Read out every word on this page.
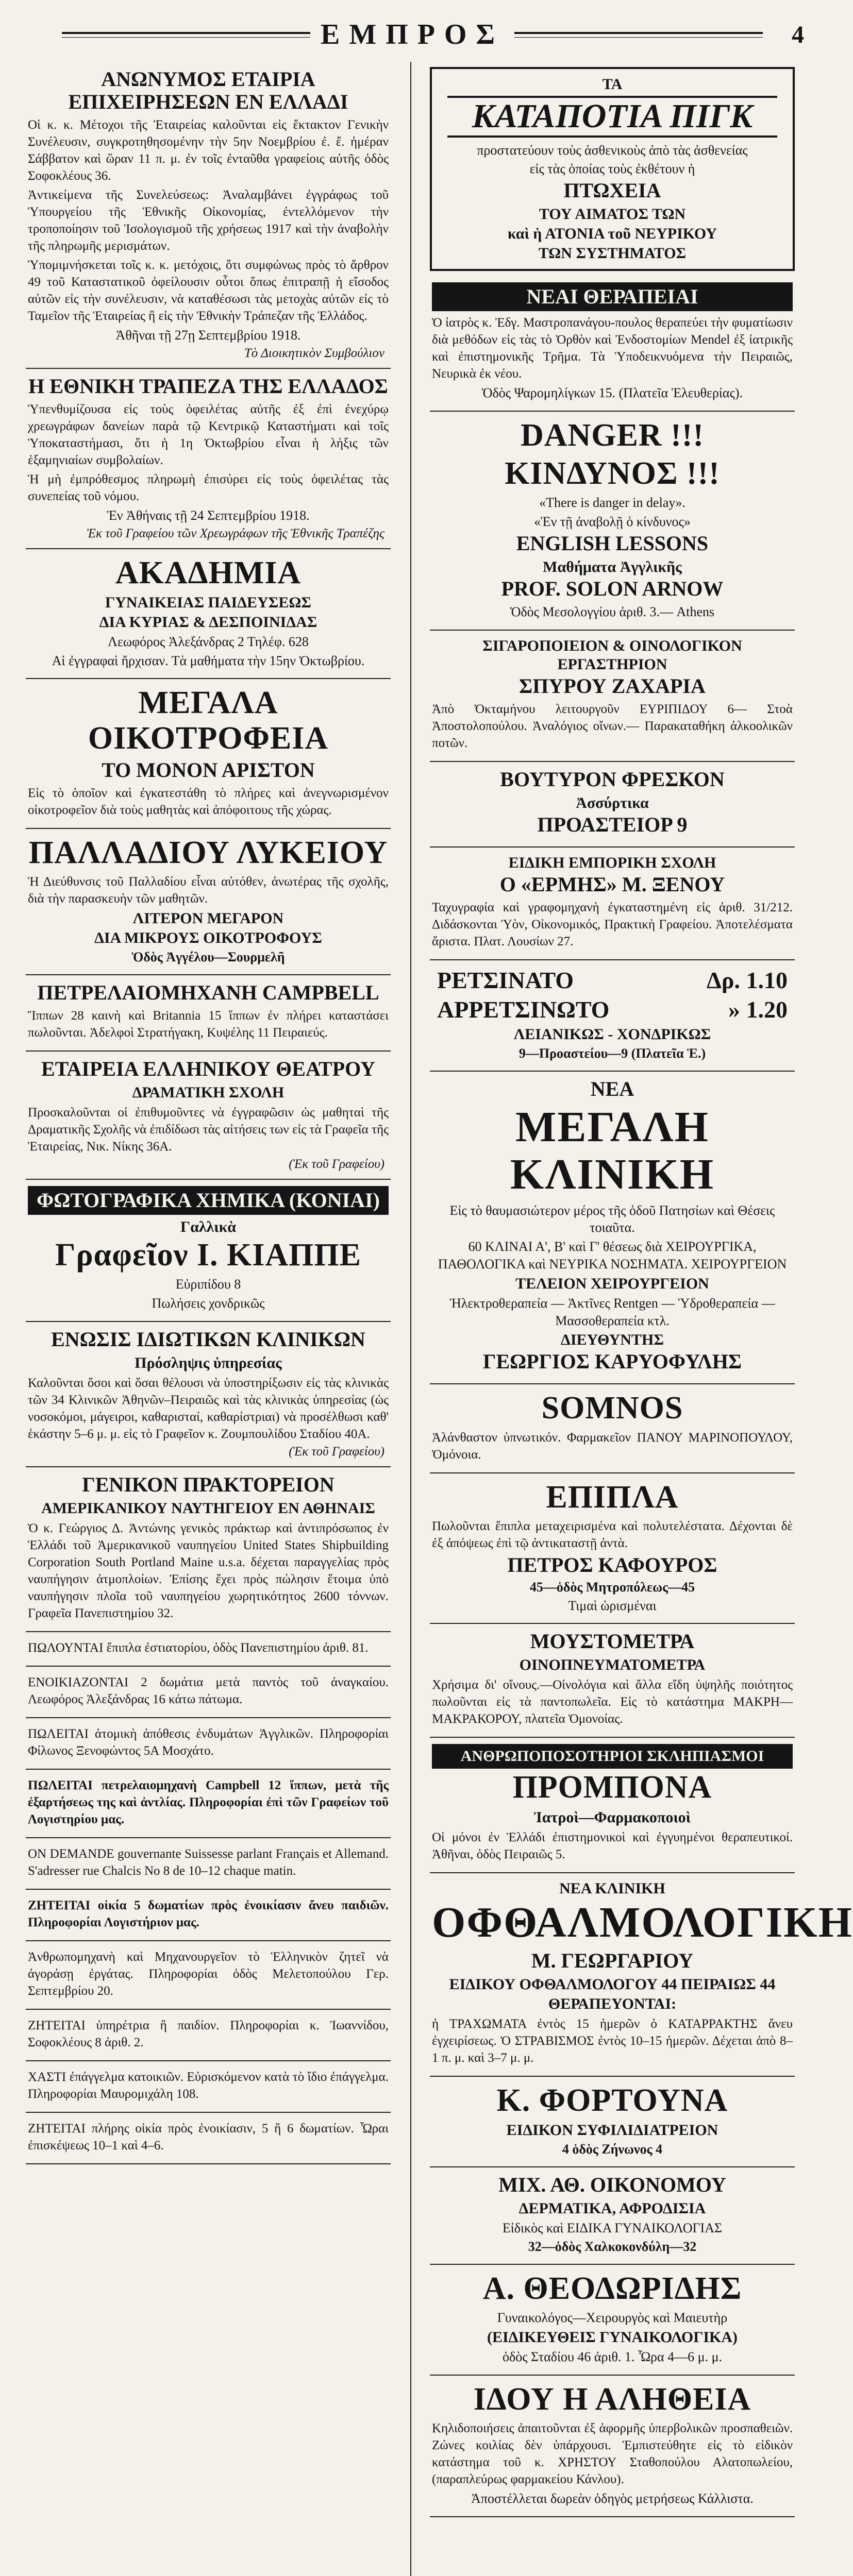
ΕΜΠΡΟΣ	4
ΑΝΩΝΥΜΟΣ ΕΤΑΙΡΙΑ ΕΠΙΧΕΙΡΗΣΕΩΝ ΕΝ ΕΛΛΑΔΙ

Οἱ κ. κ. Μέτοχοι τῆς Ἑταιρείας καλοῦνται εἰς ἔκτακτον Γενικὴν Συνέλευσιν, συγκροτηθησομένην τὴν 5ην Νοεμβρίου ἐ. ἔ. ἡμέραν Σάββατον καὶ ὥραν 11 π. μ. ἐν τοῖς ἐνταῦθα γραφείοις αὐτῆς ὁδὸς Σοφοκλέους 36.

Ἀντικείμενα τῆς Συνελεύσεως: Ἀναλαμβάνει ἐγγράφως τοῦ Ὑπουργείου τῆς Ἐθνικῆς Οἰκονομίας, ἐντελλόμενον τὴν τροποποίησιν τοῦ Ἰσολογισμοῦ τῆς χρήσεως 1917 καὶ τὴν ἀναβολὴν τῆς πληρωμῆς μερισμάτων.

Ὑπομιμνήσκεται τοῖς κ. κ. μετόχοις, ὅτι συμφώνως πρὸς τὸ ἄρθρον 49 τοῦ Καταστατικοῦ ὀφείλουσιν οὗτοι ὅπως ἐπιτραπῇ ἡ εἴσοδος αὐτῶν εἰς τὴν συνέλευσιν, νὰ καταθέσωσι τὰς μετοχὰς αὐτῶν εἰς τὸ Ταμεῖον τῆς Ἑταιρείας ἢ εἰς τὴν Ἐθνικὴν Τράπεζαν τῆς Ἑλλάδος.

Ἀθῆναι τῇ 27ῃ Σεπτεμβρίου 1918.

Τὸ Διοικητικὸν Συμβούλιον

Η ΕΘΝΙΚΗ ΤΡΑΠΕΖΑ ΤΗΣ ΕΛΛΑΔΟΣ

Ὑπενθυμίζουσα εἰς τοὺς ὀφειλέτας αὐτῆς ἐξ ἐπὶ ἐνεχύρῳ χρεωγράφων δανείων παρὰ τῷ Κεντρικῷ Καταστήματι καὶ τοῖς Ὑποκαταστήμασι, ὅτι ἡ 1η Ὀκτωβρίου εἶναι ἡ λήξις τῶν ἑξαμηνιαίων συμβολαίων.

Ἡ μὴ ἐμπρόθεσμος πληρωμὴ ἐπισύρει εἰς τοὺς ὀφειλέτας τὰς συνεπείας τοῦ νόμου.

Ἐν Ἀθήναις τῇ 24 Σεπτεμβρίου 1918.

Ἐκ τοῦ Γραφείου τῶν Χρεωγράφων τῆς Ἐθνικῆς Τραπέζης

ΑΚΑΔΗΜΙΑ
ΓΥΝΑΙΚΕΙΑΣ ΠΑΙΔΕΥΣΕΩΣ
ΔΙΑ ΚΥΡΙΑΣ & ΔΕΣΠΟΙΝΙΔΑΣ

Λεωφόρος Ἀλεξάνδρας 2 Τηλέφ. 628

Αἱ ἐγγραφαὶ ἤρχισαν. Τὰ μαθήματα τὴν 15ην Ὀκτωβρίου.

ΜΕΓΑΛΑ ΟΙΚΟΤΡΟΦΕΙΑ
ΤΟ ΜΟΝΟΝ ΑΡΙΣΤΟΝ

Εἰς τὸ ὁποῖον καὶ ἐγκατεστάθη τὸ πλήρες καὶ ἀνεγνωρισμένον οἰκοτροφεῖον διὰ τοὺς μαθητὰς καὶ ἀπόφοιτους τῆς χώρας.

ΠΑΛΛΑΔΙΟΥ ΛΥΚΕΙΟΥ

Ἡ Διεύθυνσις τοῦ Παλλαδίου εἶναι αὐτόθεν, ἀνωτέρας τῆς σχολῆς, διὰ τὴν παρασκευὴν τῶν μαθητῶν.

ΛΙΤΕΡΟΝ ΜΕΓΑΡΟΝ
ΔΙΑ ΜΙΚΡΟΥΣ ΟΙΚΟΤΡΟΦΟΥΣ

Ὁδὸς Ἀγγέλου—Σουρμελῆ

ΠΕΤΡΕΛΑΙΟΜΗΧΑΝΗ CAMPBELL

Ἵππων 28 καινὴ καὶ Britannia 15 ἵππων ἐν πλήρει καταστάσει πωλοῦνται. Ἀδελφοὶ Στρατήγακη, Κυψέλης 11 Πειραιεύς.

ΕΤΑΙΡΕΙΑ ΕΛΛΗΝΙΚΟΥ ΘΕΑΤΡΟΥ
ΔΡΑΜΑΤΙΚΗ ΣΧΟΛΗ

Προσκαλοῦνται οἱ ἐπιθυμοῦντες νὰ ἐγγραφῶσιν ὡς μαθηταὶ τῆς Δραματικῆς Σχολῆς νὰ ἐπιδίδωσι τὰς αἰτήσεις των εἰς τὰ Γραφεῖα τῆς Ἑταιρείας, Νικ. Νίκης 36Α.

(Ἐκ τοῦ Γραφείου)

ΦΩΤΟΓΡΑΦΙΚΑ ΧΗΜΙΚΑ (ΚΟΝΙΑΙ)
Γαλλικὰ
Γραφεῖον Ι. ΚΙΑΠΠΕ

Εὐριπίδου 8

Πωλήσεις χονδρικῶς

ΕΝΩΣΙΣ ΙΔΙΩΤΙΚΩΝ ΚΛΙΝΙΚΩΝ
Πρόσληψις ὑπηρεσίας

Καλοῦνται ὅσοι καὶ ὅσαι θέλουσι νὰ ὑποστηρίξωσιν εἰς τὰς κλινικὰς τῶν 34 Κλινικῶν Ἀθηνῶν–Πειραιῶς καὶ τὰς κλινικὰς ὑπηρεσίας (ὡς νοσοκόμοι, μάγειροι, καθαρισταί, καθαρίστριαι) νὰ προσέλθωσι καθ' ἑκάστην 5–6 μ. μ. εἰς τὸ Γραφεῖον κ. Ζουμπουλίδου Σταδίου 40Α.

(Ἐκ τοῦ Γραφείου)

ΓΕΝΙΚΟΝ ΠΡΑΚΤΟΡΕΙΟΝ
ΑΜΕΡΙΚΑΝΙΚΟΥ ΝΑΥΤΗΓΕΙΟΥ ΕΝ ΑΘΗΝΑΙΣ

Ὁ κ. Γεώργιος Δ. Ἀντώνης γενικὸς πράκτωρ καὶ ἀντιπρόσωπος ἐν Ἑλλάδι τοῦ Ἀμερικανικοῦ ναυπηγείου United States Shipbuilding Corporation South Portland Maine u.s.a. δέχεται παραγγελίας πρὸς ναυπήγησιν ἀτμοπλοίων. Ἐπίσης ἔχει πρὸς πώλησιν ἕτοιμα ὑπὸ ναυπήγησιν πλοῖα τοῦ ναυπηγείου χωρητικότητος 2600 τόννων. Γραφεῖα Πανεπιστημίου 32.

ΠΩΛΟΥΝΤΑΙ ἔπιπλα ἐστιατορίου, ὁδὸς Πανεπιστημίου ἀριθ. 81.

ΕΝΟΙΚΙΑΖΟΝΤΑΙ 2 δωμάτια μετὰ παντὸς τοῦ ἀναγκαίου. Λεωφόρος Ἀλεξάνδρας 16 κάτω πάτωμα.

ΠΩΛΕΙΤΑΙ ἀτομικὴ ἀπόθεσις ἐνδυμάτων Ἀγγλικῶν. Πληροφορίαι Φίλωνος Ξενοφώντος 5Α Μοσχάτο.

ΠΩΛΕΙΤΑΙ πετρελαιομηχανὴ Campbell 12 ἵππων, μετὰ τῆς ἐξαρτήσεως της καὶ ἀντλίας. Πληροφορίαι ἐπὶ τῶν Γραφείων τοῦ Λογιστηρίου μας.

ON DEMANDE gouvernante Suissesse parlant Français et Allemand. S'adresser rue Chalcis No 8 de 10–12 chaque matin.

ΖΗΤΕΙΤΑΙ οἰκία 5 δωματίων πρὸς ἐνοικίασιν ἄνευ παιδιῶν. Πληροφορίαι Λογιστήριον μας.

Ἀνθρωπομηχανὴ καὶ Μηχανουργεῖον τὸ Ἑλληνικὸν ζητεῖ νὰ ἀγοράσῃ ἐργάτας. Πληροφορίαι ὁδὸς Μελετοπούλου Γερ. Σεπτεμβρίου 20.

ΖΗΤΕΙΤΑΙ ὑπηρέτρια ἢ παιδίον. Πληροφορίαι κ. Ἰωαννίδου, Σοφοκλέους 8 ἀριθ. 2.

ΧΑΣΤΙ ἐπάγγελμα κατοικιῶν. Εὐρισκόμενον κατὰ τὸ ἴδιο ἐπάγγελμα. Πληροφορίαι Μαυρομιχάλη 108.

ΖΗΤΕΙΤΑΙ πλήρης οἰκία πρὸς ἐνοικίασιν, 5 ἢ 6 δωματίων. Ὧραι ἐπισκέψεως 10–1 καὶ 4–6.

ΤΑ
ΚΑΤΑΠΟΤΙΑ ΠΙΓΚ

προστατεύουν τοὺς ἀσθενικοὺς ἀπὸ τὰς ἀσθενείας

εἰς τὰς ὁποίας τοὺς ἐκθέτουν ἡ

ΠΤΩΧΕΙΑ
ΤΟΥ ΑΙΜΑΤΟΣ ΤΩΝ
καὶ ἡ ΑΤΟΝΙΑ τοῦ ΝΕΥΡΙΚΟΥ
ΤΩΝ ΣΥΣΤΗΜΑΤΟΣ
ΝΕΑΙ ΘΕΡΑΠΕΙΑΙ

Ὁ ἰατρὸς κ. Ἐδγ. Μαστροπανάγου-πουλος θεραπεύει τὴν φυματίωσιν διὰ μεθόδων εἰς τὰς τὸ Ὀρθὸν καὶ Ἐνδοστομίων Mendel ἐξ ἰατρικῆς καὶ ἐπιστημονικῆς Τρῆμα. Τὰ Ὑποδεικνυόμενα τὴν Πειραιῶς, Νευρικὰ ἐκ νέου.

Ὁδὸς Ψαρομηλίγκων 15. (Πλατεῖα Ἐλευθερίας).

DANGER !!!
ΚΙΝΔΥΝΟΣ !!!

«There is danger in delay».

«Ἐν τῇ ἀναβολῇ ὁ κίνδυνος»

ENGLISH LESSONS
Μαθήματα Ἀγγλικῆς
PROF. SOLON ARNOW

Ὁδὸς Μεσολογγίου ἀριθ. 3.— Athens

ΣΙΓΑΡΟΠΟΙΕΙΟΝ & ΟΙΝΟΛΟΓΙΚΟΝ ΕΡΓΑΣΤΗΡΙΟΝ
ΣΠΥΡΟΥ ΖΑΧΑΡΙΑ

Ἀπὸ Ὀκταμήνου λειτουργοῦν ΕΥΡΙΠΙΔΟΥ 6— Στοὰ Ἀποστολοπούλου. Ἀναλόγιος οἴνων.— Παρακαταθήκη ἀλκοολικῶν ποτῶν.

ΒΟΥΤΥΡΟΝ ΦΡΕΣΚΟΝ
Ἀσσύρτικα
ΠΡΟΑΣΤΕΙΟΡ 9
ΕΙΔΙΚΗ ΕΜΠΟΡΙΚΗ ΣΧΟΛΗ
Ο «ΕΡΜΗΣ» Μ. ΞΕΝΟΥ

Ταχυγραφία καὶ γραφομηχανὴ ἐγκαταστημένη εἰς ἀριθ. 31/212. Διδάσκονται Ὑὸν, Οἰκονομικός, Πρακτικὴ Γραφείου. Ἀποτελέσματα ἄριστα. Πλατ. Λουσίων 27.

ΡΕΤΣΙΝΑΤΟ	Δρ. 1.10
ΑΡΡΕΤΣΙΝΩΤΟ	» 1.20
ΛΕΙΑΝΙΚΩΣ - ΧΟΝΔΡΙΚΩΣ

9—Προαστείου—9 (Πλατεῖα Ἑ.)

ΝΕΑ
ΜΕΓΑΛΗ ΚΛΙΝΙΚΗ

Εἰς τὸ θαυμασιώτερον μέρος τῆς ὁδοῦ Πατησίων καὶ Θέσεις τοιαῦτα.

60 ΚΛΙΝΑΙ Α', Β' καὶ Γ' θέσεως διὰ ΧΕΙΡΟΥΡΓΙΚΑ, ΠΑΘΟΛΟΓΙΚΑ καὶ ΝΕΥΡΙΚΑ ΝΟΣΗΜΑΤΑ. ΧΕΙΡΟΥΡΓΕΙΟΝ

ΤΕΛΕΙΟΝ ΧΕΙΡΟΥΡΓΕΙΟΝ

Ἠλεκτροθεραπεία — Ἀκτῖνες Rentgen — Ὑδροθεραπεία — Μασσοθεραπεία κτλ.

ΔΙΕΥΘΥΝΤΗΣ
ΓΕΩΡΓΙΟΣ ΚΑΡΥΟΦΥΛΗΣ
SOMNOS

Ἀλάνθαστον ὑπνωτικόν. Φαρμακεῖον ΠΑΝΟΥ ΜΑΡΙΝΟΠΟΥΛΟΥ, Ὁμόνοια.

ΕΠΙΠΛΑ

Πωλοῦνται ἔπιπλα μεταχειρισμένα καὶ πολυτελέστατα. Δέχονται δὲ ἐξ ἀπόψεως ἐπὶ τῷ ἀντικαταστῇ ἀντὰ.

ΠΕΤΡΟΣ ΚΑΦΟΥΡΟΣ

45—ὁδὸς Μητροπόλεως—45

Τιμαὶ ὡρισμέναι

ΜΟΥΣΤΟΜΕΤΡΑ
ΟΙΝΟΠΝΕΥΜΑΤΟΜΕΤΡΑ

Χρήσιμα δι' οἴνους.—Οἰνολόγια καὶ ἄλλα εἴδη ὑψηλῆς ποιότητος πωλοῦνται εἰς τὰ παντοπωλεῖα. Εἰς τὸ κατάστημα ΜΑΚΡΗ—ΜΑΚΡΑΚΟΡΟΥ, πλατεῖα Ὁμονοίας.

ΑΝΘΡΩΠΟΠΟΣΟΤΗΡΙΟΙ ΣΚΛΗΠΙΑΣΜΟΙ
ΠΡΟΜΠΟΝΑ
Ἰατροὶ—Φαρμακοποιοὶ

Οἱ μόνοι ἐν Ἑλλάδι ἐπιστημονικοὶ καὶ ἐγγυημένοι θεραπευτικοί. Ἀθῆναι, ὁδὸς Πειραιῶς 5.

ΝΕΑ ΚΛΙΝΙΚΗ
ΟΦΘΑΛΜΟΛΟΓΙΚΗ
Μ. ΓΕΩΡΓΑΡΙΟΥ
ΕΙΔΙΚΟΥ ΟΦΘΑΛΜΟΛΟΓΟΥ 44 ΠΕΙΡΑΙΩΣ 44
ΘΕΡΑΠΕΥΟΝΤΑΙ:

ἡ ΤΡΑΧΩΜΑΤΑ ἐντὸς 15 ἡμερῶν ὁ ΚΑΤΑΡΡΑΚΤΗΣ ἄνευ ἐγχειρίσεως. Ὁ ΣΤΡΑΒΙΣΜΟΣ ἐντὸς 10–15 ἡμερῶν. Δέχεται ἀπὸ 8–1 π. μ. καὶ 3–7 μ. μ.

Κ. ΦΟΡΤΟΥΝΑ
ΕΙΔΙΚΟΝ ΣΥΦΙΛΙΔΙΑΤΡΕΙΟΝ

4 ὁδὸς Ζήνωνος 4

ΜΙΧ. ΑΘ. ΟΙΚΟΝΟΜΟΥ
ΔΕΡΜΑΤΙΚΑ, ΑΦΡΟΔΙΣΙΑ

Εἰδικὸς καὶ ΕΙΔΙΚΑ ΓΥΝΑΙΚΟΛΟΓΙΑΣ

32—ὁδὸς Χαλκοκονδύλη—32

Α. ΘΕΟΔΩΡΙΔΗΣ

Γυναικολόγος—Χειρουργὸς καὶ Μαιευτὴρ

(ΕΙΔΙΚΕΥΘΕΙΣ ΓΥΝΑΙΚΟΛΟΓΙΚΑ)

ὁδὸς Σταδίου 46 ἀριθ. 1. Ὧρα 4—6 μ. μ.

ΙΔΟΥ Η ΑΛΗΘΕΙΑ

Κηλιδοποιήσεις ἀπαιτοῦνται ἐξ ἀφορμῆς ὑπερβολικῶν προσπαθειῶν. Ζώνες κοιλίας δὲν ὑπάρχουσι. Ἐμπιστεύθητε εἰς τὸ εἰδικὸν κατάστημα τοῦ κ. ΧΡΗΣΤΟΥ Σταθοπούλου Αλατοπωλείου, (παραπλεύρως φαρμακείου Κάνλου).

Ἀποστέλλεται δωρεὰν ὁδηγὸς μετρήσεως Κάλλιστα.
